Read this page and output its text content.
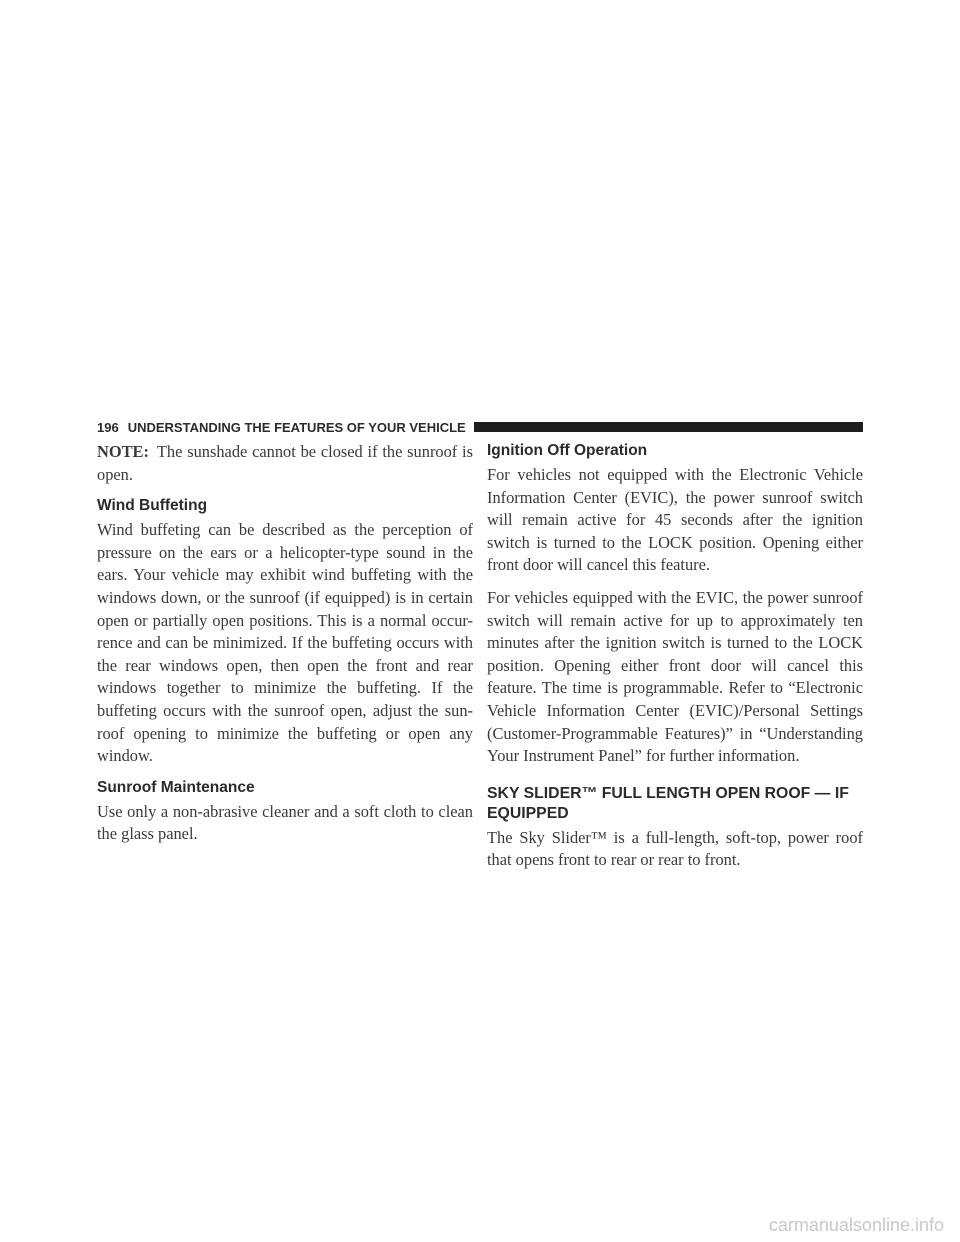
196 UNDERSTANDING THE FEATURES OF YOUR VEHICLE

NOTE: The sunshade cannot be closed if the sunroof is open.

Wind Buffeting

Wind buffeting can be described as the perception of pressure on the ears or a helicopter-type sound in the ears. Your vehicle may exhibit wind buffeting with the windows down, or the sunroof (if equipped) is in certain open or partially open positions. This is a normal occur-rence and can be minimized. If the buffeting occurs with the rear windows open, then open the front and rear windows together to minimize the buffeting. If the buffeting occurs with the sunroof open, adjust the sun-roof opening to minimize the buffeting or open any window.

Sunroof Maintenance

Use only a non-abrasive cleaner and a soft cloth to clean the glass panel.

Ignition Off Operation

For vehicles not equipped with the Electronic Vehicle Information Center (EVIC), the power sunroof switch will remain active for 45 seconds after the ignition switch is turned to the LOCK position. Opening either front door will cancel this feature.

For vehicles equipped with the EVIC, the power sunroof switch will remain active for up to approximately ten minutes after the ignition switch is turned to the LOCK position. Opening either front door will cancel this feature. The time is programmable. Refer to “Electronic Vehicle Information Center (EVIC)/Personal Settings (Customer-Programmable Features)” in “Understanding Your Instrument Panel” for further information.

SKY SLIDER™ FULL LENGTH OPEN ROOF — IF EQUIPPED

The Sky Slider™ is a full-length, soft-top, power roof that opens front to rear or rear to front.

carmanualsonline.info
